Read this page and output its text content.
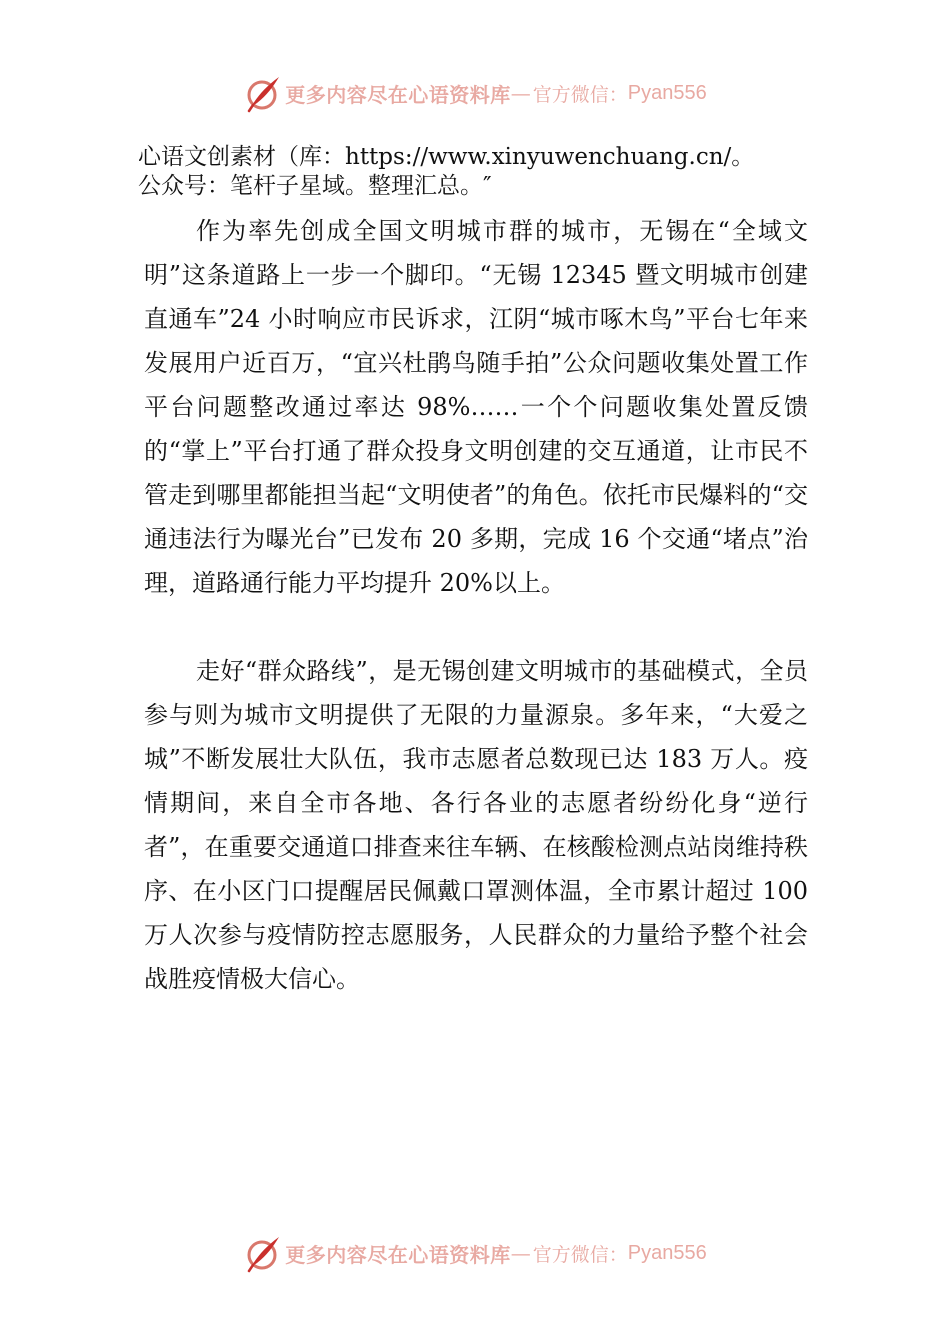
更多内容尽在心语资料库 — 官方微信： Pyan556
心语文创素材（库：https://www.xinyuwenchuang.cn/。
公众号：笔杆子星域。整理汇总。″

作为率先创成全国文明城市群的城市，无锡在“全域文明”这条道路上一步一个脚印。“无锡 12345 暨文明城市创建直通车”24 小时响应市民诉求，江阴“城市啄木鸟”平台七年来发展用户近百万，“宜兴杜鹃鸟随手拍”公众问题收集处置工作平台问题整改通过率达 98%……一个个问题收集处置反馈的“掌上”平台打通了群众投身文明创建的交互通道，让市民不管走到哪里都能担当起“文明使者”的角色。依托市民爆料的“交通违法行为曝光台”已发布 20 多期，完成 16 个交通“堵点”治理，道路通行能力平均提升 20%以上。

走好“群众路线”，是无锡创建文明城市的基础模式，全员参与则为城市文明提供了无限的力量源泉。多年来，“大爱之城”不断发展壮大队伍，我市志愿者总数现已达 183 万人。疫情期间，来自全市各地、各行各业的志愿者纷纷化身“逆行者”，在重要交通道口排查来往车辆、在核酸检测点站岗维持秩序、在小区门口提醒居民佩戴口罩测体温，全市累计超过 100 万人次参与疫情防控志愿服务，人民群众的力量给予整个社会战胜疫情极大信心。

更多内容尽在心语资料库 — 官方微信： Pyan556
